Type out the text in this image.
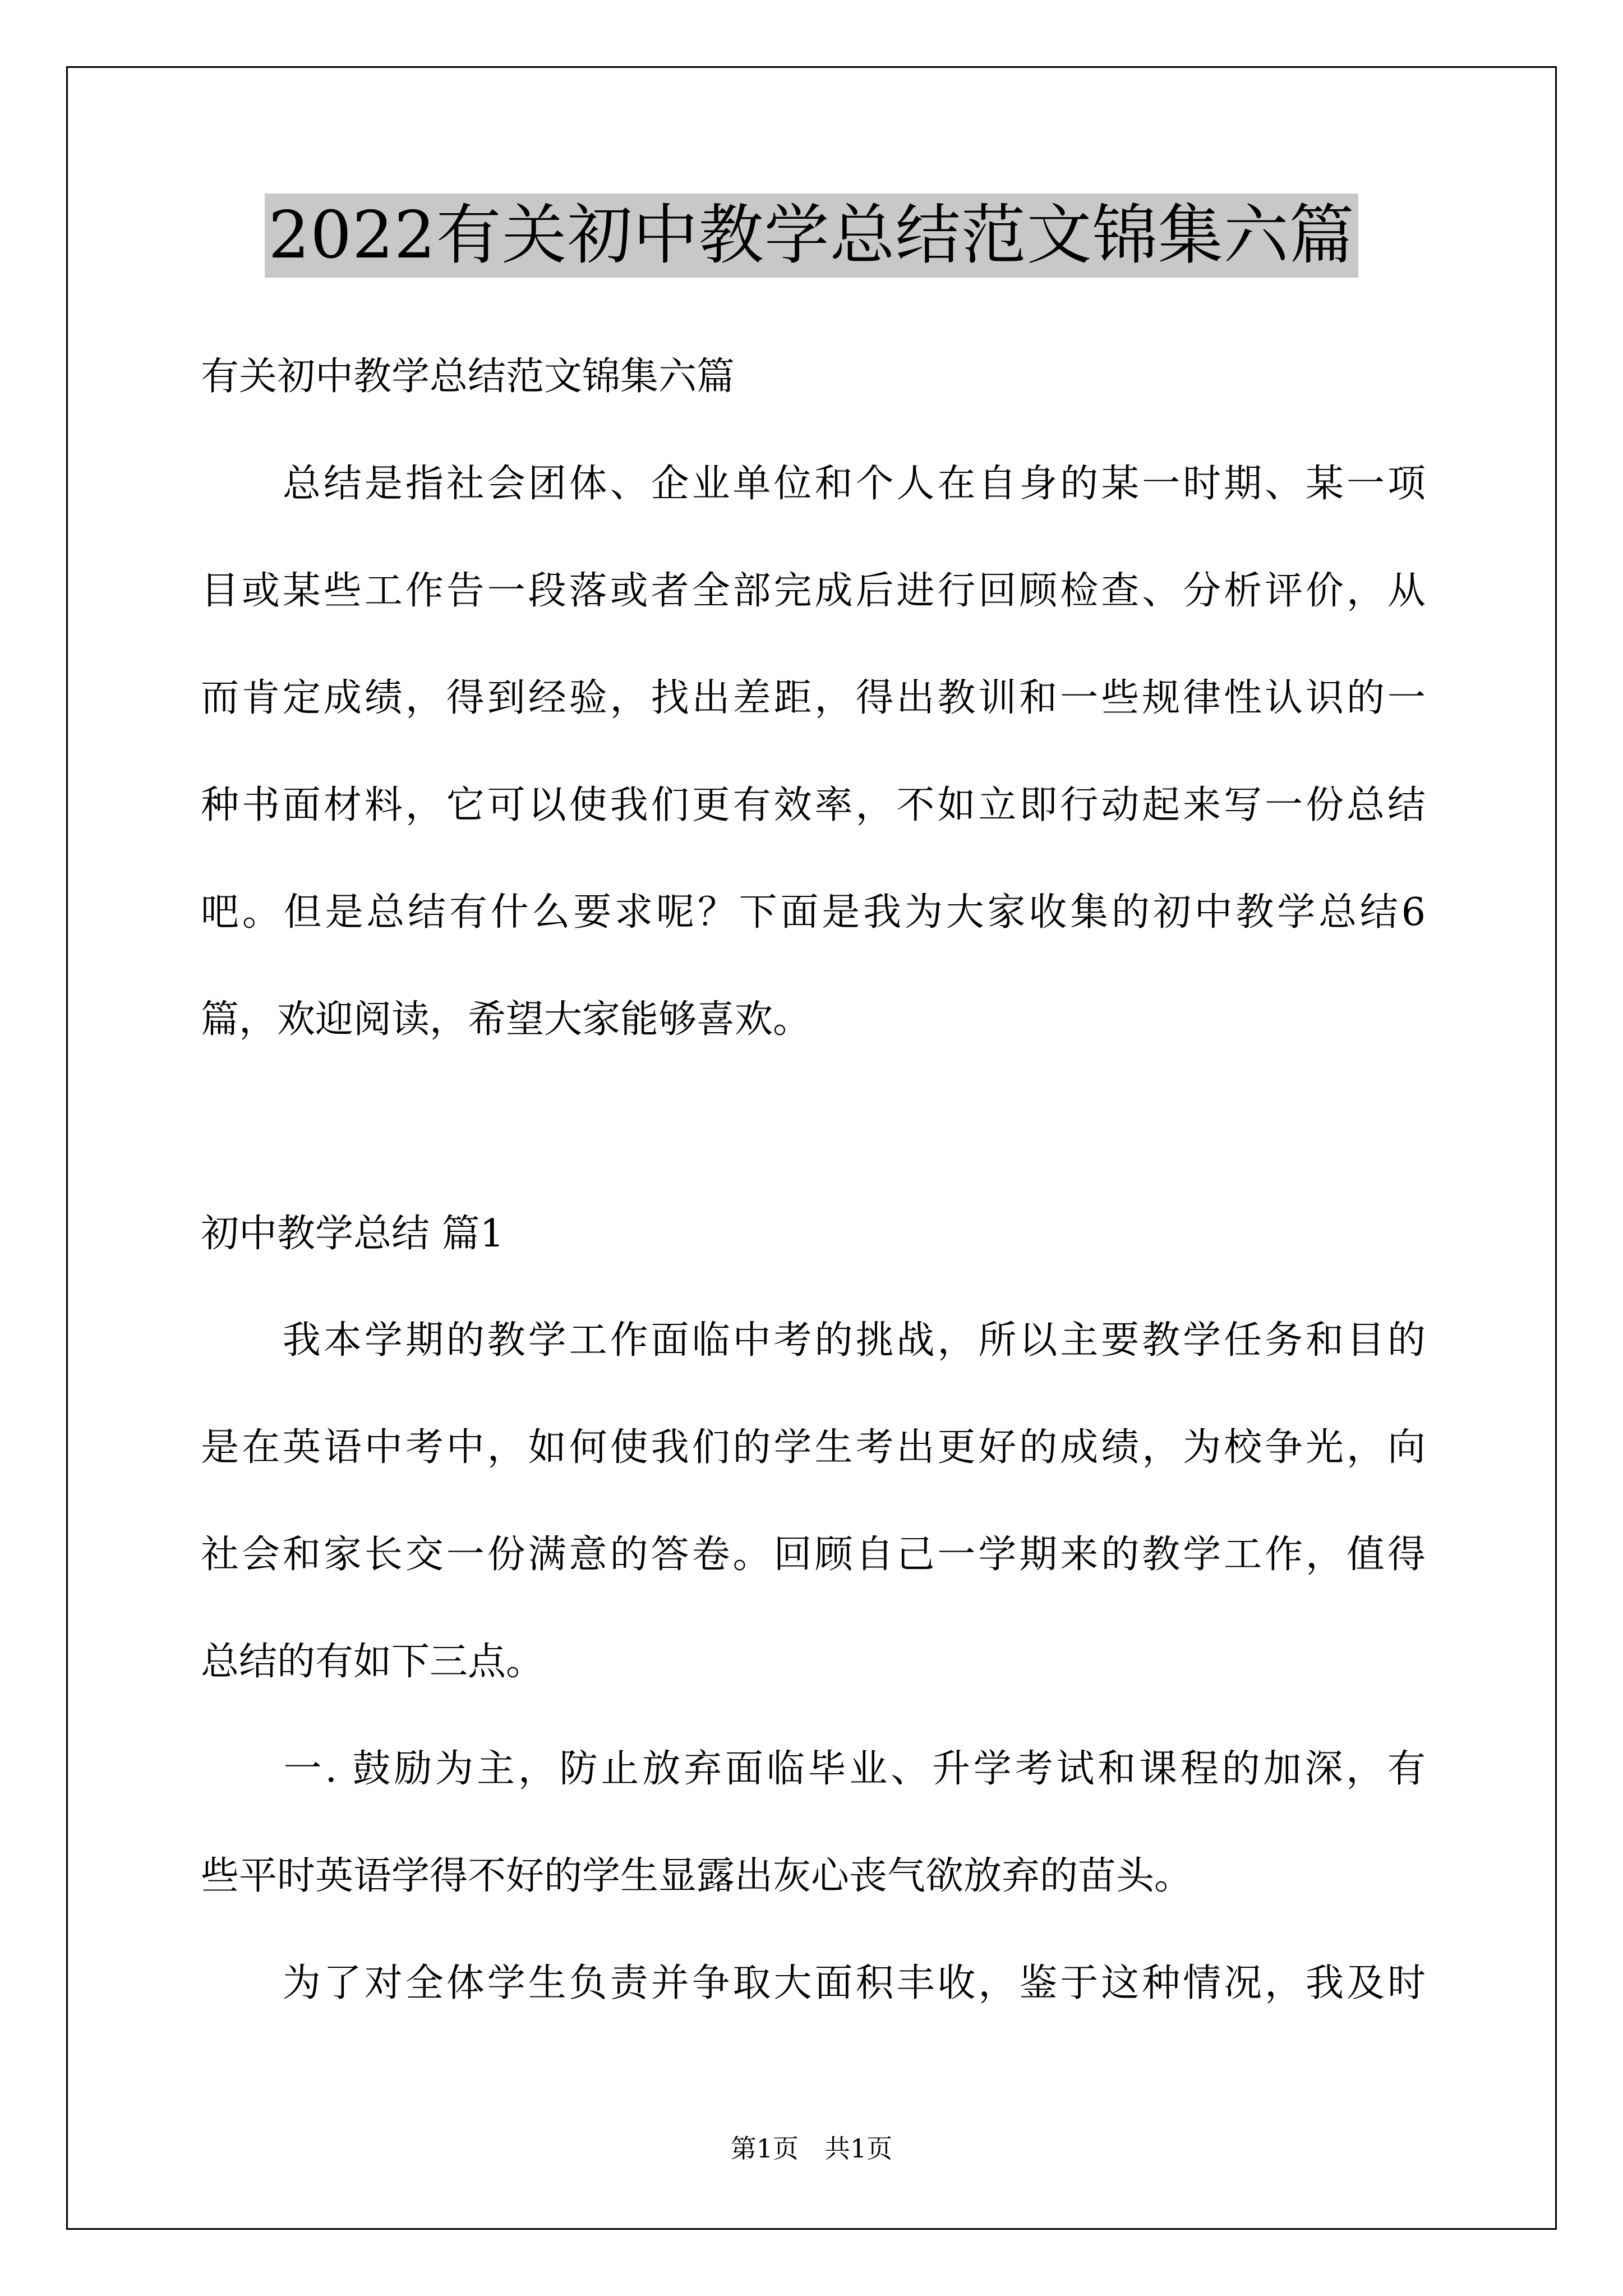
2022有关初中教学总结范文锦集六篇
有关初中教学总结范文锦集六篇
　　总结是指社会团体、企业单位和个人在自身的某一时期、某一项
目或某些工作告一段落或者全部完成后进行回顾检查、分析评价，从
而肯定成绩，得到经验，找出差距，得出教训和一些规律性认识的一
种书面材料，它可以使我们更有效率，不如立即行动起来写一份总结
吧。但是总结有什么要求呢？下面是我为大家收集的初中教学总结6
篇，欢迎阅读，希望大家能够喜欢。
初中教学总结 篇1
　　我本学期的教学工作面临中考的挑战，所以主要教学任务和目的
是在英语中考中，如何使我们的学生考出更好的成绩，为校争光，向
社会和家长交一份满意的答卷。回顾自己一学期来的教学工作，值得
总结的有如下三点。
　　一. 鼓励为主，防止放弃面临毕业、升学考试和课程的加深，有
些平时英语学得不好的学生显露出灰心丧气欲放弃的苗头。
　　为了对全体学生负责并争取大面积丰收，鉴于这种情况，我及时
第1页　共1页
